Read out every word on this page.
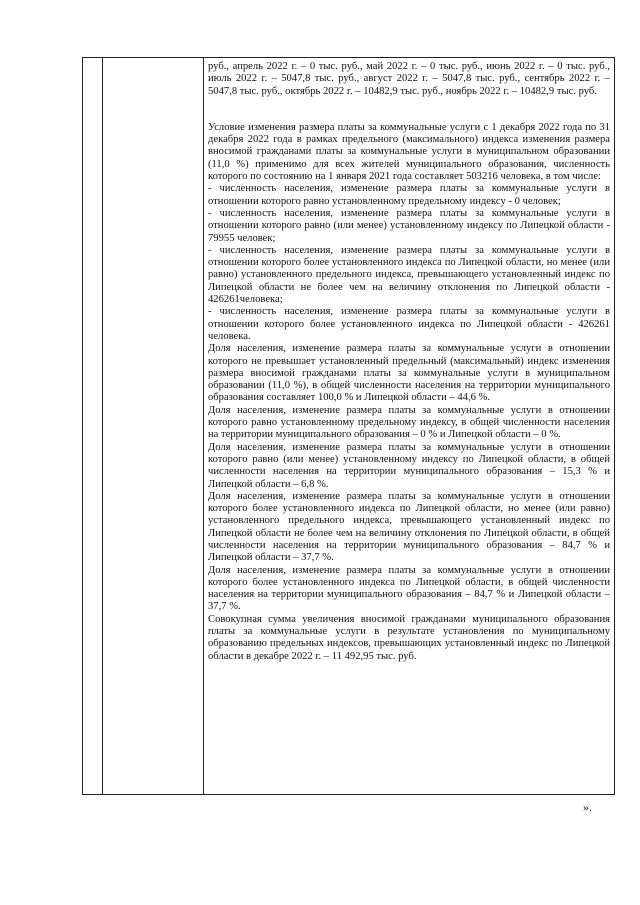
руб., апрель 2022 г. – 0 тыс. руб., май 2022 г. – 0 тыс. руб., июнь 2022 г. – 0 тыс. руб., июль 2022 г. – 5047,8 тыс. руб., август 2022 г. – 5047,8 тыс. руб., сентябрь 2022 г. – 5047,8 тыс. руб., октябрь 2022 г. – 10482,9 тыс. руб., ноябрь 2022 г. – 10482,9 тыс. руб.

Условие изменения размера платы за коммунальные услуги с 1 декабря 2022 года по 31 декабря 2022 года в рамках предельного (максимального) индекса изменения размера вносимой гражданами платы за коммунальные услуги в муниципальном образовании (11,0 %) применимо для всех жителей муниципального образования, численность которого по состоянию на 1 января 2021 года составляет 503216 человека, в том числе:

- численность населения, изменение размера платы за коммунальные услуги в отношении которого равно установленному предельному индексу - 0 человек;

- численность населения, изменение размера платы за коммунальные услуги в отношении которого равно (или менее) установленному индексу по Липецкой области - 79955 человек;

- численность населения, изменение размера платы за коммунальные услуги в отношении которого более установленного индекса по Липецкой области, но менее (или равно) установленного предельного индекса, превышающего установленный индекс по Липецкой области не более чем на величину отклонения по Липецкой области - 426261человека;

- численность населения, изменение размера платы за коммунальные услуги в отношении которого более установленного индекса по Липецкой области - 426261 человека.

Доля населения, изменение размера платы за коммунальные услуги в отношении которого не превышает установленный предельный (максимальный) индекс изменения размера вносимой гражданами платы за коммунальные услуги в муниципальном образовании (11,0 %), в общей численности населения на территории муниципального образования составляет 100,0 % и Липецкой области – 44,6 %.

Доля населения, изменение размера платы за коммунальные услуги в отношении которого равно установленному предельному индексу, в общей численности населения на территории муниципального образования – 0 % и Липецкой области – 0 %.

Доля населения, изменение размера платы за коммунальные услуги в отношении которого равно (или менее) установленному индексу по Липецкой области, в общей численности населения на территории муниципального образования – 15,3 % и Липецкой области – 6,8 %.

Доля населения, изменение размера платы за коммунальные услуги в отношении которого более установленного индекса по Липецкой области, но менее (или равно) установленного предельного индекса, превышающего установленный индекс по Липецкой области не более чем на величину отклонения по Липецкой области, в общей численности населения на территории муниципального образования – 84,7 % и Липецкой области – 37,7 %.

Доля населения, изменение размера платы за коммунальные услуги в отношении которого более установленного индекса по Липецкой области, в общей численности населения на территории муниципального образования – 84,7 % и Липецкой области – 37,7 %.

Совокупная сумма увеличения вносимой гражданами муниципального образования платы за коммунальные услуги в результате установления по муниципальному образованию предельных индексов, превышающих установленный индекс по Липецкой области в декабре 2022 г. – 11 492,95 тыс. руб.

».
